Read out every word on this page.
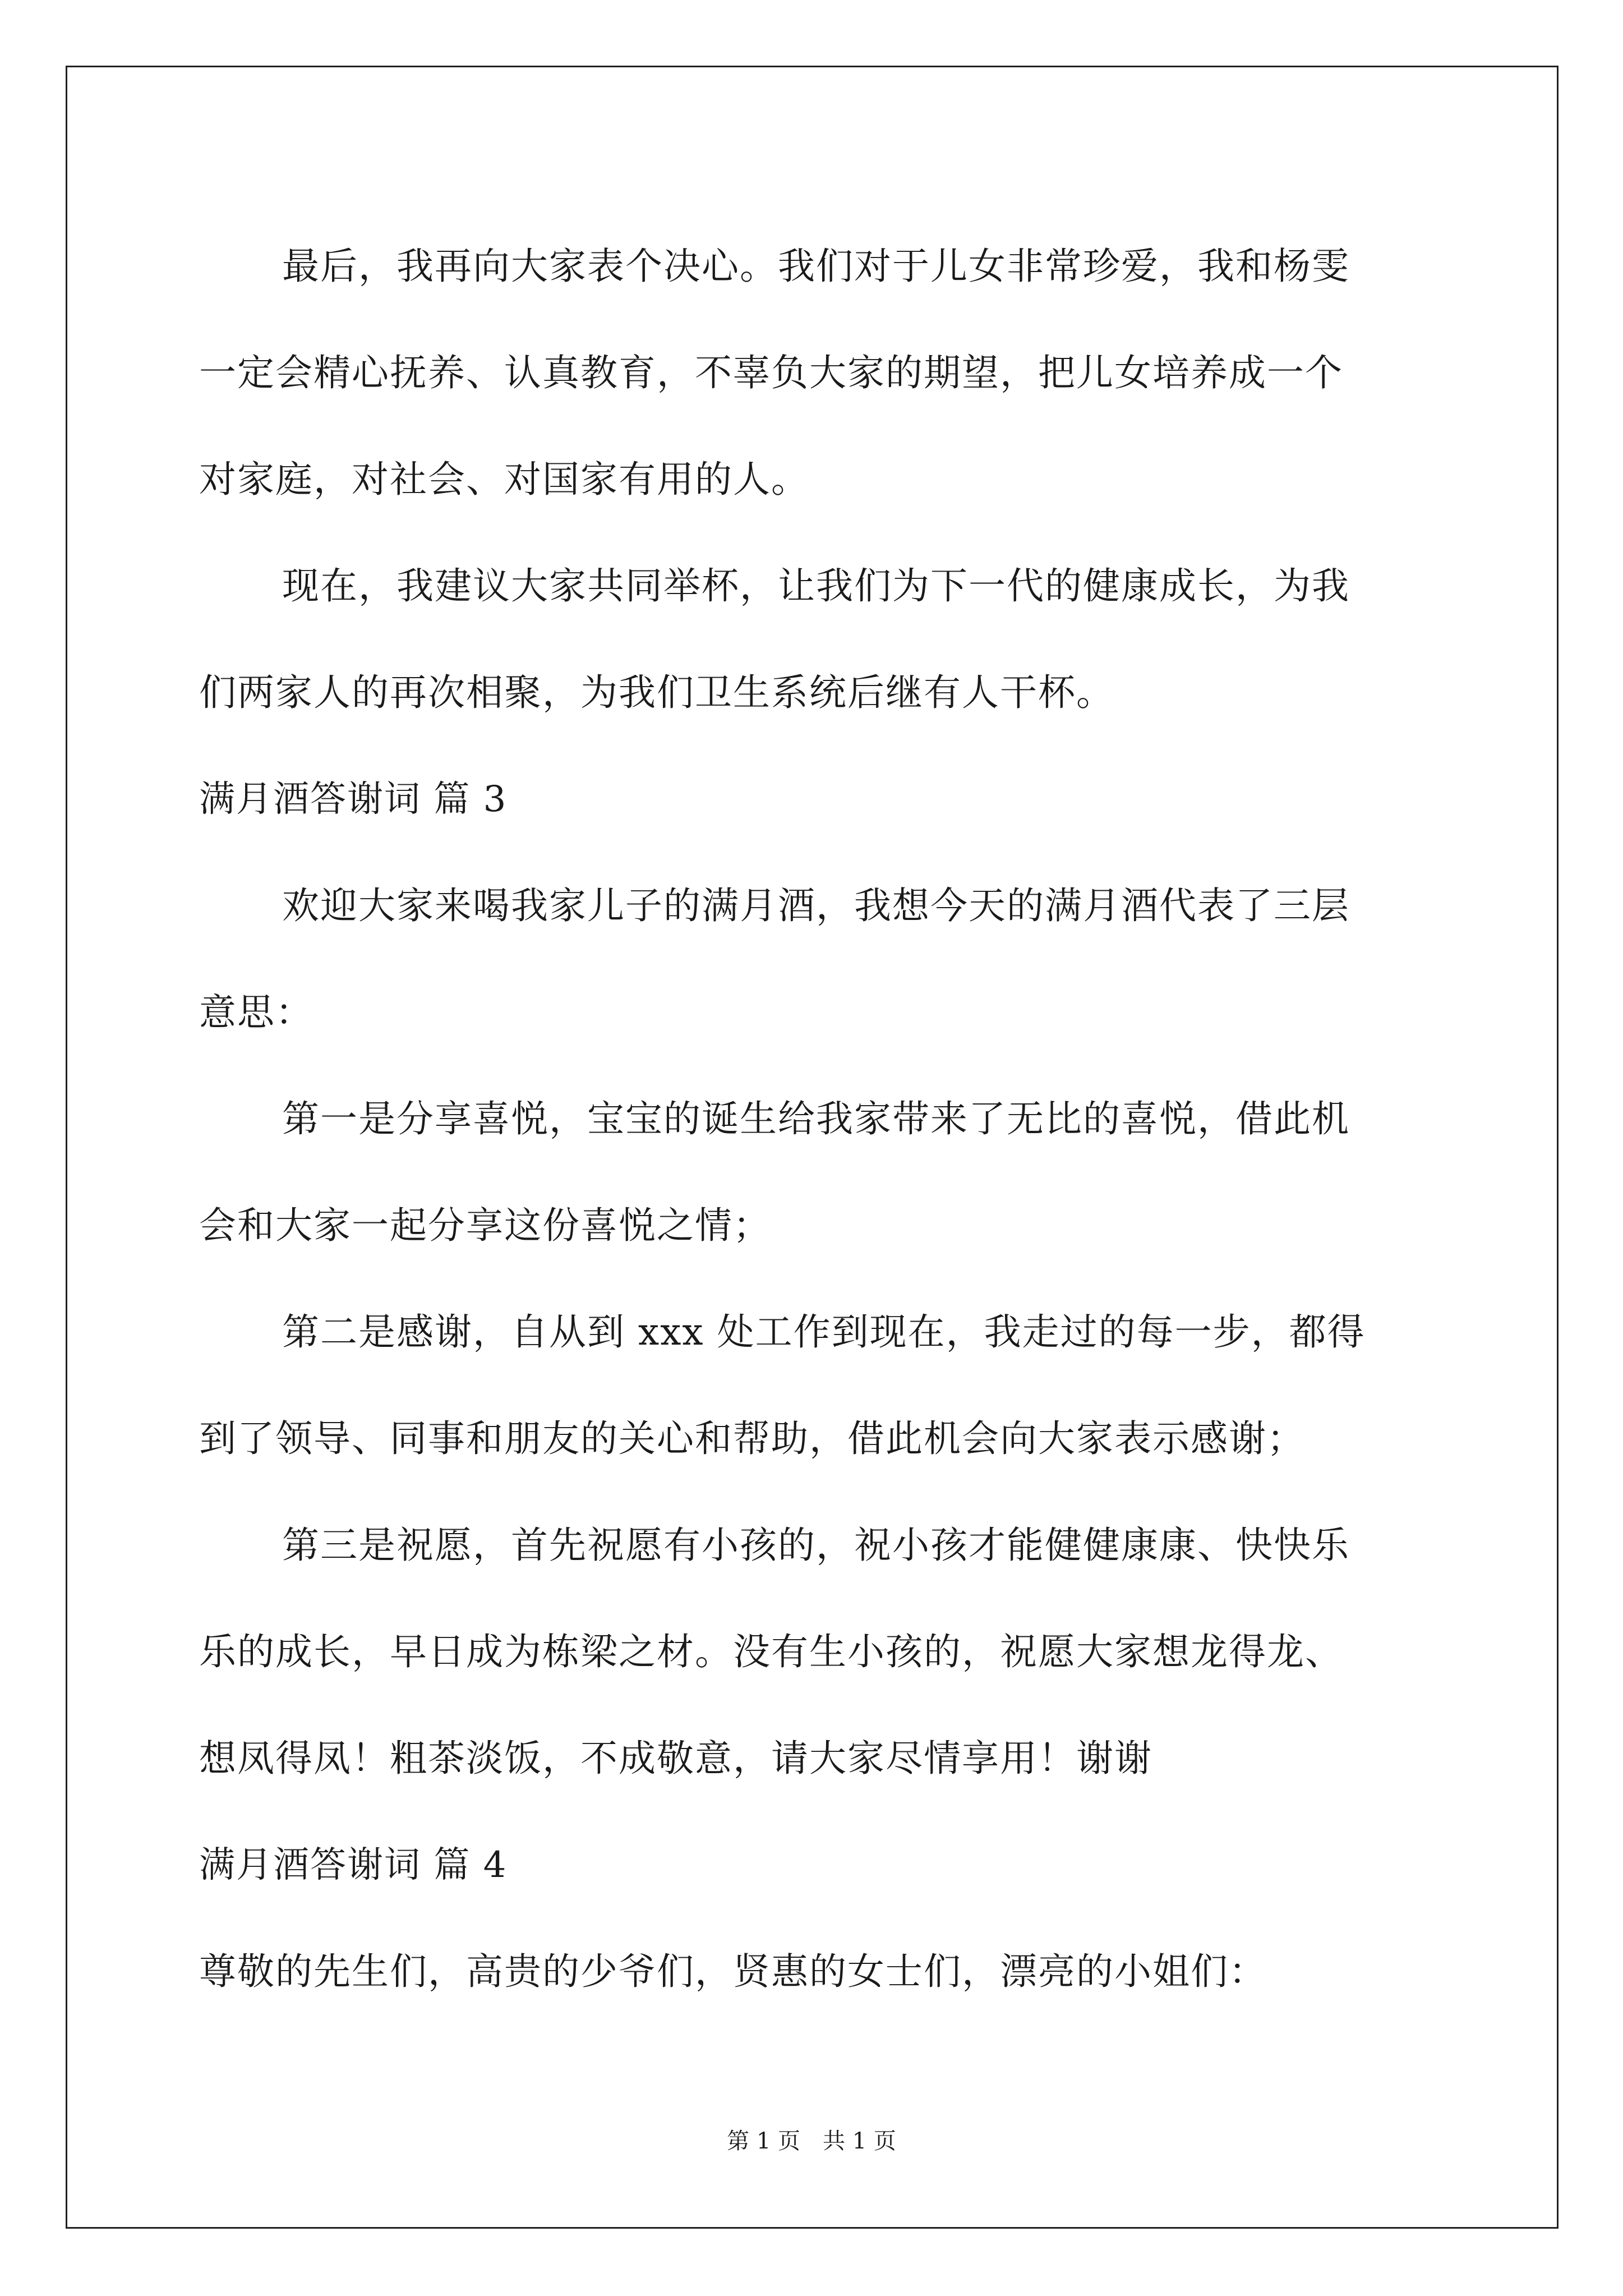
最后，我再向大家表个决心。我们对于儿女非常珍爱，我和杨雯
一定会精心抚养、认真教育，不辜负大家的期望，把儿女培养成一个
对家庭，对社会、对国家有用的人。
现在，我建议大家共同举杯，让我们为下一代的健康成长，为我
们两家人的再次相聚，为我们卫生系统后继有人干杯。
满月酒答谢词 篇 3
欢迎大家来喝我家儿子的满月酒，我想今天的满月酒代表了三层
意思：
第一是分享喜悦，宝宝的诞生给我家带来了无比的喜悦，借此机
会和大家一起分享这份喜悦之情；
第二是感谢，自从到 xxx 处工作到现在，我走过的每一步，都得
到了领导、同事和朋友的关心和帮助，借此机会向大家表示感谢；
第三是祝愿，首先祝愿有小孩的，祝小孩才能健健康康、快快乐
乐的成长，早日成为栋梁之材。没有生小孩的，祝愿大家想龙得龙、
想凤得凤！粗茶淡饭，不成敬意，请大家尽情享用！谢谢
满月酒答谢词 篇 4
尊敬的先生们，高贵的少爷们，贤惠的女士们，漂亮的小姐们：
第 1 页　共 1 页
